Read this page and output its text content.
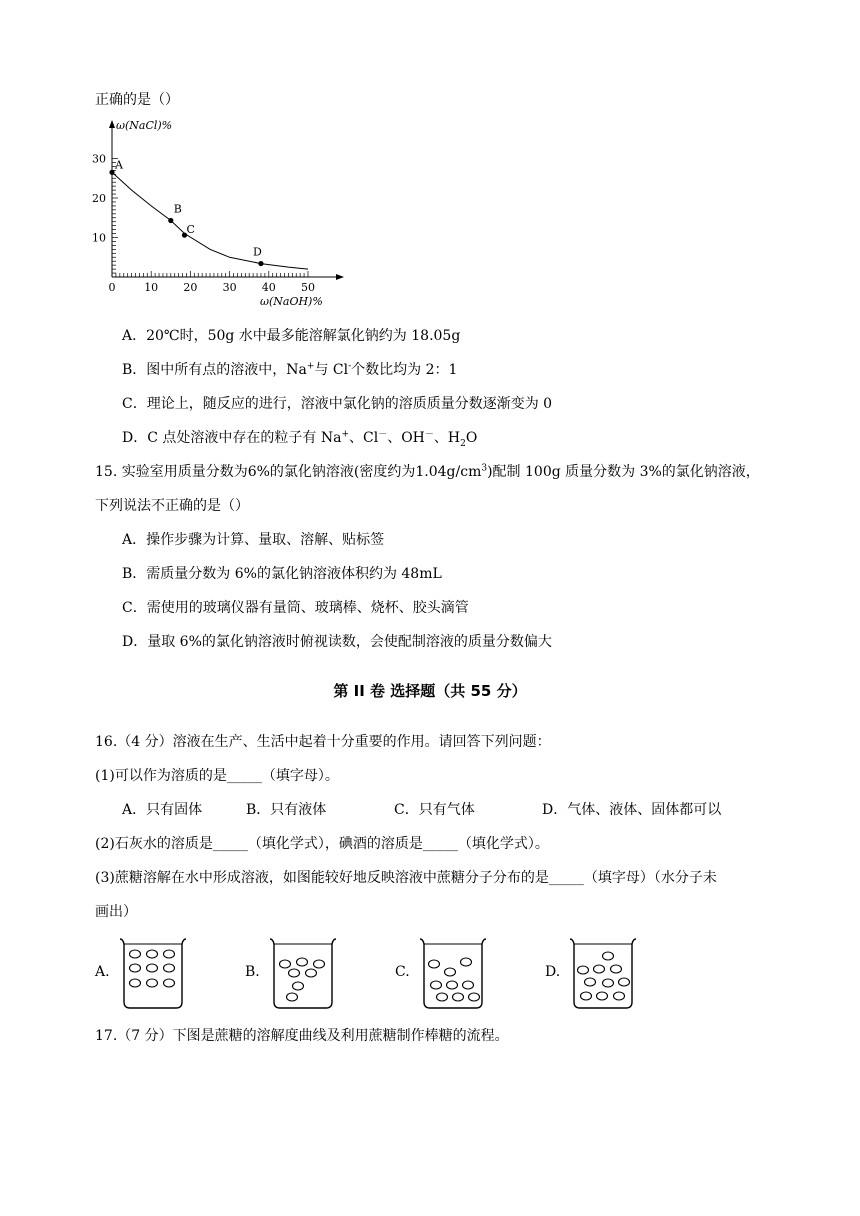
正确的是（）
0	10 20 30 40 50
10
20
30
ω(NaCl)%
ω(NaOH)%
A
B
C
D
A．20℃时，50g 水中最多能溶解氯化钠约为 18.05g
B．图中所有点的溶液中，Na+与 Cl-个数比均为 2：1
C．理论上，随反应的进行，溶液中氯化钠的溶质质量分数逐渐变为 0
D．C 点处溶液中存在的粒子有 Na+、Cl－、OH－、$H_2O$
15. 实验室用质量分数为6%的氯化钠溶液(密度约为$1.04g/cm^3$)配制 100g 质量分数为 3%的氯化钠溶液，
下列说法不正确的是（）
A．操作步骤为计算、量取、溶解、贴标签
B．需质量分数为 6%的氯化钠溶液体积约为 48mL
C．需使用的玻璃仪器有量筒、玻璃棒、烧杯、胶头滴管
D．量取 6%的氯化钠溶液时俯视读数，会使配制溶液的质量分数偏大
第 II 卷 选择题（共 55 分）
16.（4 分）溶液在生产、生活中起着十分重要的作用。请回答下列问题：
(1)可以作为溶质的是_____（填字母）。
A．只有固体	B．只有液体	C．只有气体	D．气体、液体、固体都可以
(2)石灰水的溶质是_____（填化学式），碘酒的溶质是_____（填化学式）。
(3)蔗糖溶解在水中形成溶液，如图能较好地反映溶液中蔗糖分子分布的是_____（填字母）（水分子未
画出）
A.	B.	C.	D.
17.（7 分）下图是蔗糖的溶解度曲线及利用蔗糖制作棒糖的流程。
